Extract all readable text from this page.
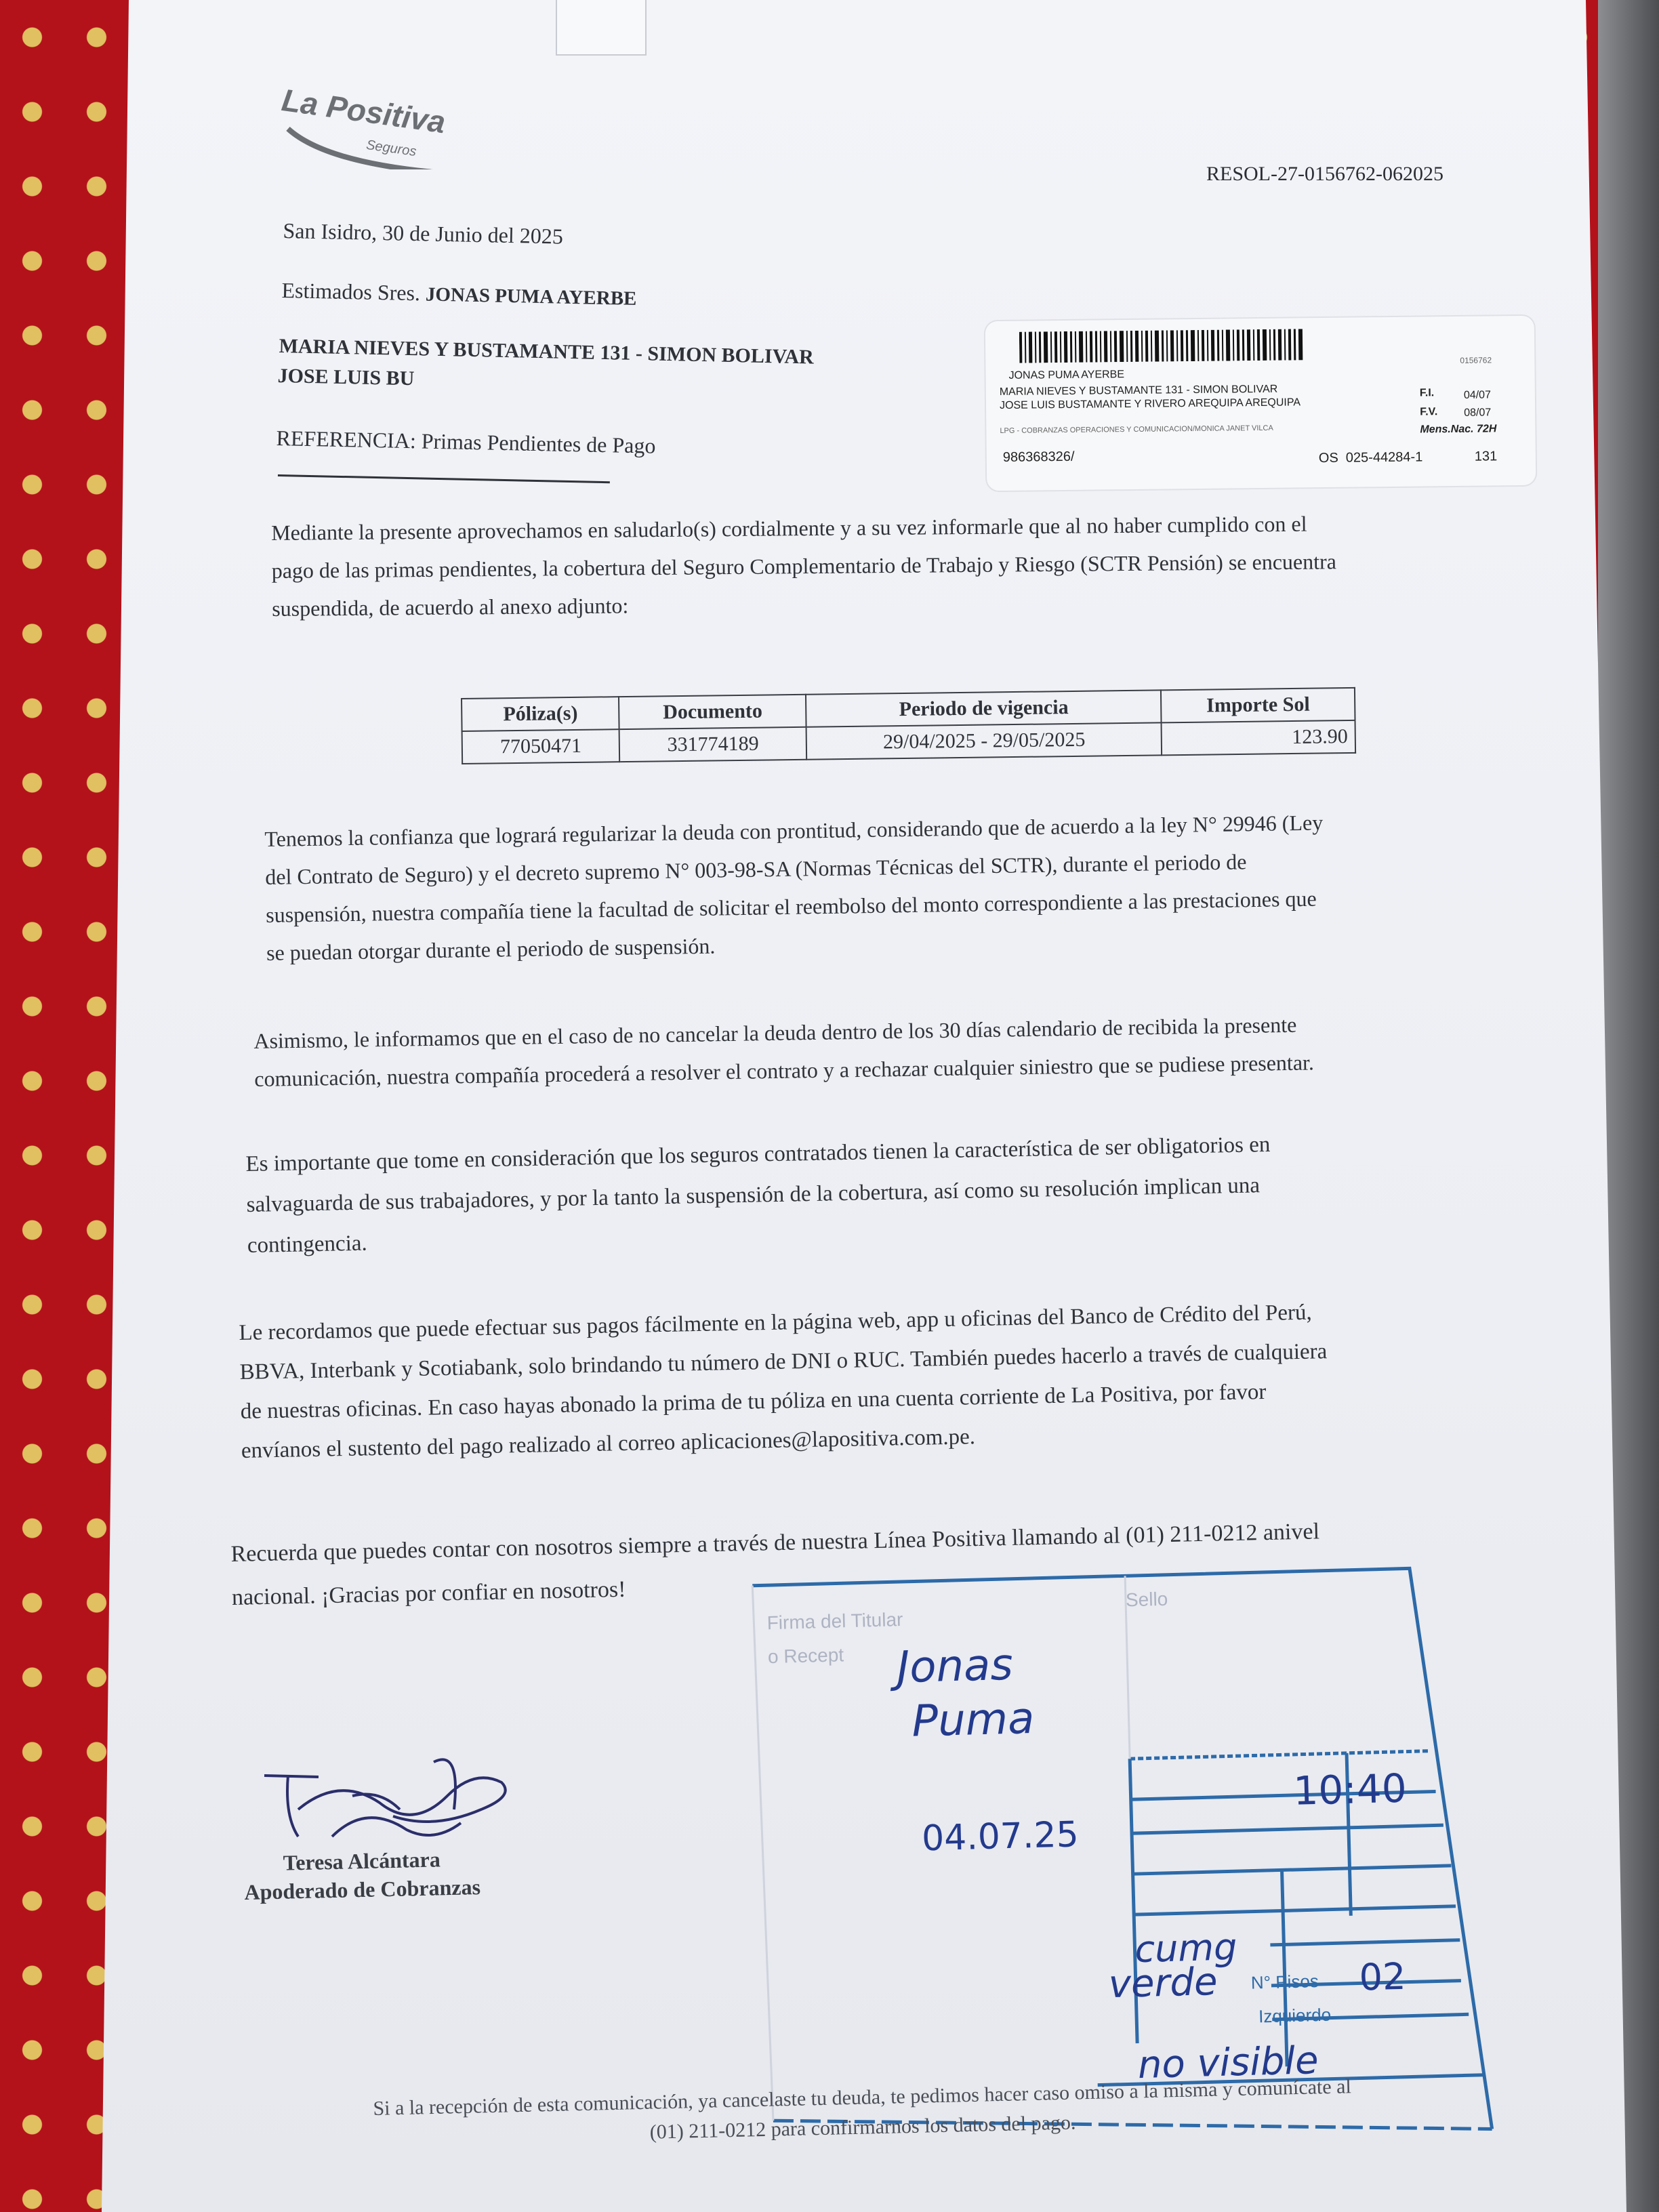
La Positiva
Seguros
RESOL-27-0156762-062025
San Isidro, 30 de Junio del 2025
Estimados Sres. JONAS PUMA AYERBE
MARIA NIEVES Y BUSTAMANTE 131 - SIMON BOLIVAR
JOSE LUIS BU
REFERENCIA: Primas Pendientes de Pago
0156762
JONAS PUMA AYERBE
MARIA NIEVES Y BUSTAMANTE 131 - SIMON BOLIVAR
JOSE LUIS BUSTAMANTE Y RIVERO AREQUIPA AREQUIPA
F.I.	04/07
F.V. 08/07
Mens.Nac. 72H
LPG - COBRANZAS OPERACIONES Y COMUNICACION/MONICA JANET VILCA
986368326/	OS 025-44284-1	131
Mediante la presente aprovechamos en saludarlo(s) cordialmente y a su vez informarle que al no haber cumplido con el
pago de las primas pendientes, la cobertura del Seguro Complementario de Trabajo y Riesgo (SCTR Pensión) se encuentra
suspendida, de acuerdo al anexo adjunto:
Póliza(s)	Documento	Periodo de vigencia	Importe Sol
77050471	331774189	29/04/2025 - 29/05/2025	123.90
Tenemos la confianza que logrará regularizar la deuda con prontitud, considerando que de acuerdo a la ley N° 29946 (Ley
del Contrato de Seguro) y el decreto supremo N° 003-98-SA (Normas Técnicas del SCTR), durante el periodo de
suspensión, nuestra compañía tiene la facultad de solicitar el reembolso del monto correspondiente a las prestaciones que
se puedan otorgar durante el periodo de suspensión.
Asimismo, le informamos que en el caso de no cancelar la deuda dentro de los 30 días calendario de recibida la presente
comunicación, nuestra compañía procederá a resolver el contrato y a rechazar cualquier siniestro que se pudiese presentar.
Es importante que tome en consideración que los seguros contratados tienen la característica de ser obligatorios en
salvaguarda de sus trabajadores, y por la tanto la suspensión de la cobertura, así como su resolución implican una
contingencia.
Le recordamos que puede efectuar sus pagos fácilmente en la página web, app u oficinas del Banco de Crédito del Perú,
BBVA, Interbank y Scotiabank, solo brindando tu número de DNI o RUC. También puedes hacerlo a través de cualquiera
de nuestras oficinas. En caso hayas abonado la prima de tu póliza en una cuenta corriente de La Positiva, por favor
envíanos el sustento del pago realizado al correo aplicaciones@lapositiva.com.pe.
Recuerda que puedes contar con nosotros siempre a través de nuestra Línea Positiva llamando al (01) 211-0212 anivel
nacional. ¡Gracias por confiar en nosotros!
Firma del Titular
o Recept
Sello
Jonas
Puma
04.07.25
10:40
cumg
verde N° Pisos 02
Izquierdo
no visible
Teresa Alcántara
Apoderado de Cobranzas
Si a la recepción de esta comunicación, ya cancelaste tu deuda, te pedimos hacer caso omiso a la misma y comunícate al
(01) 211-0212 para confirmarnos los datos del pago.
